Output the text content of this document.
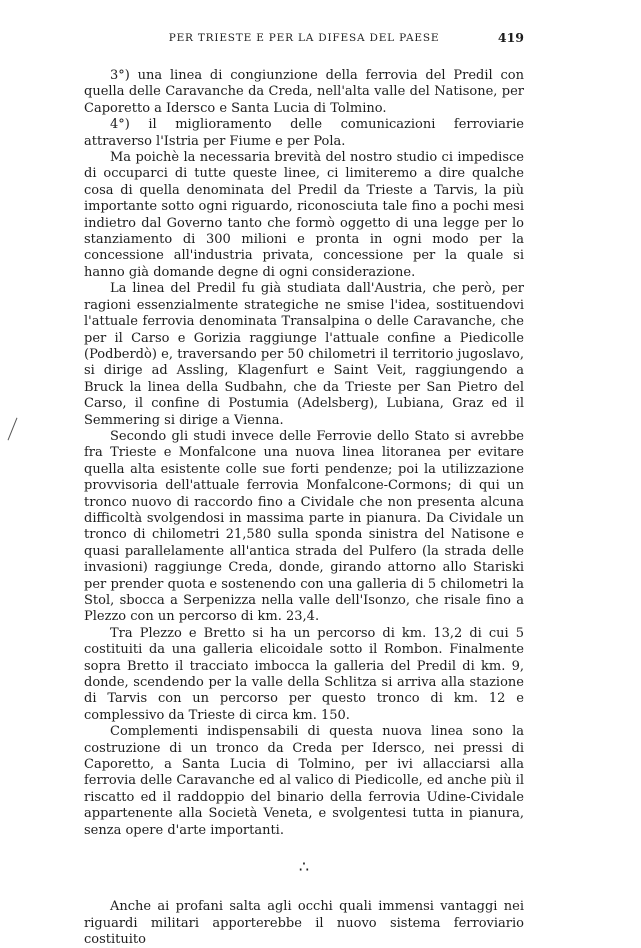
PER TRIESTE E PER LA DIFESA DEL PAESE	419

3°) una linea di congiunzione della ferrovia del Predil con quella delle Caravanche da Creda, nell'alta valle del Natisone, per Caporetto a Idersco e Santa Lucia di Tolmino.

4°) il miglioramento delle comunicazioni ferroviarie attraverso l'Istria per Fiume e per Pola.

Ma poichè la necessaria brevità del nostro studio ci impedisce di occuparci di tutte queste linee, ci limiteremo a dire qualche cosa di quella denominata del Predil da Trieste a Tarvis, la più importante sotto ogni riguardo, riconosciuta tale fino a pochi mesi indietro dal Governo tanto che formò oggetto di una legge per lo stanziamento di 300 milioni e pronta in ogni modo per la concessione all'industria privata, concessione per la quale si hanno già domande degne di ogni considerazione.

La linea del Predil fu già studiata dall'Austria, che però, per ragioni essenzialmente strategiche ne smise l'idea, sostituendovi l'attuale ferrovia denominata Transalpina o delle Caravanche, che per il Carso e Gorizia raggiunge l'attuale confine a Piedicolle (Podberdò) e, traversando per 50 chilometri il territorio jugoslavo, si dirige ad Assling, Klagenfurt e Saint Veit, raggiungendo a Bruck la linea della Sudbahn, che da Trieste per San Pietro del Carso, il confine di Postumia (Adelsberg), Lubiana, Graz ed il Semmering si dirige a Vienna.

Secondo gli studi invece delle Ferrovie dello Stato si avrebbe fra Trieste e Monfalcone una nuova linea litoranea per evitare quella alta esistente colle sue forti pendenze; poi la utilizzazione provvisoria dell'attuale ferrovia Monfalcone-Cormons; di qui un tronco nuovo di raccordo fino a Cividale che non presenta alcuna difficoltà svolgendosi in massima parte in pianura. Da Cividale un tronco di chilometri 21,580 sulla sponda sinistra del Natisone e quasi parallelamente all'antica strada del Pulfero (la strada delle invasioni) raggiunge Creda, donde, girando attorno allo Stariski per prender quota e sostenendo con una galleria di 5 chilometri la Stol, sbocca a Serpenizza nella valle dell'Isonzo, che risale fino a Plezzo con un percorso di km. 23,4.

Tra Plezzo e Bretto si ha un percorso di km. 13,2 di cui 5 costituiti da una galleria elicoidale sotto il Rombon. Finalmente sopra Bretto il tracciato imbocca la galleria del Predil di km. 9, donde, scendendo per la valle della Schlitza si arriva alla stazione di Tarvis con un percorso per questo tronco di km. 12 e complessivo da Trieste di circa km. 150.

Complementi indispensabili di questa nuova linea sono la costruzione di un tronco da Creda per Idersco, nei pressi di Caporetto, a Santa Lucia di Tolmino, per ivi allacciarsi alla ferrovia delle Caravanche ed al valico di Piedicolle, ed anche più il riscatto ed il raddoppio del binario della ferrovia Udine-Cividale appartenente alla Società Veneta, e svolgentesi tutta in pianura, senza opere d'arte importanti.

∴

Anche ai profani salta agli occhi quali immensi vantaggi nei riguardi militari apporterebbe il nuovo sistema ferroviario costituito
